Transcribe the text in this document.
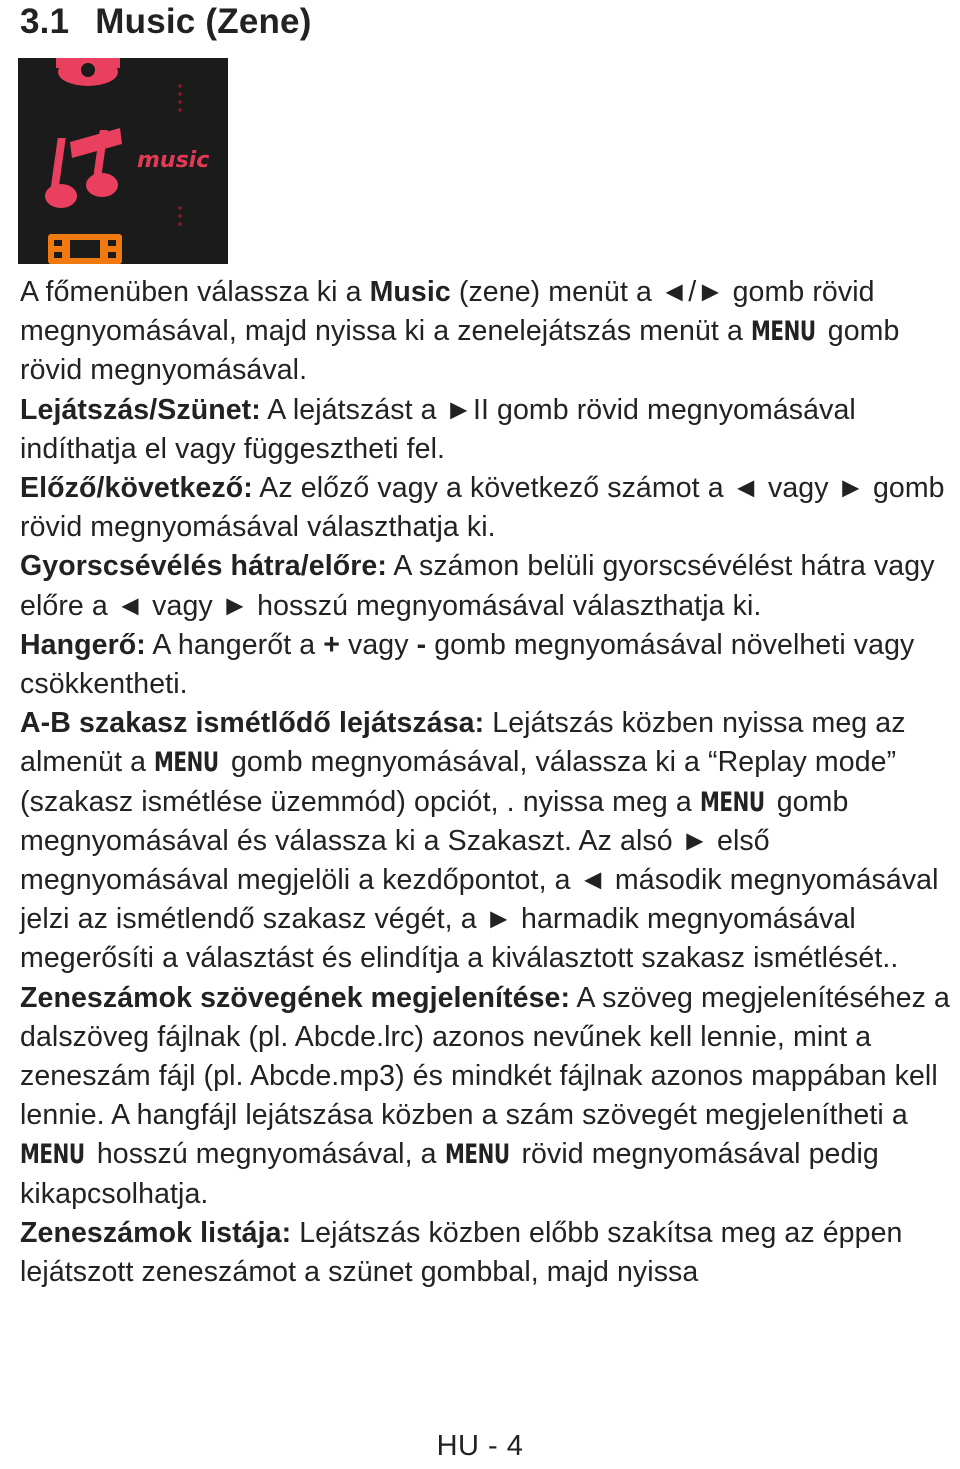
3.1 Music (Zene)
music

A főmenüben válassza ki a Music (zene) menüt a ◄/► gomb rövid megnyomásával, majd nyissa ki a zenelejátszás menüt a MENU gomb rövid megnyomásával.

Lejátszás/Szünet: A lejátszást a ►II gomb rövid megnyomásával indíthatja el vagy függesztheti fel.

Előző/következő: Az előző vagy a következő számot a ◄ vagy ► gomb rövid megnyomásával választhatja ki.

Gyorscsévélés hátra/előre: A számon belüli gyorscsévélést hátra vagy előre a ◄ vagy ► hosszú megnyomásával választhatja ki.

Hangerő: A hangerőt a + vagy - gomb megnyomásával növelheti vagy csökkentheti.

A-B szakasz ismétlődő lejátszása: Lejátszás közben nyissa meg az almenüt a MENU gomb megnyomásával, válassza ki a “Replay mode” (szakasz ismétlése üzemmód) opciót, . nyissa meg a MENU gomb megnyomásával és válassza ki a Szakaszt. Az alsó ► első megnyomásával megjelöli a kezdőpontot, a ◄ második megnyomásával jelzi az ismétlendő szakasz végét, a ► harmadik megnyomásával megerősíti a választást és elindítja a kiválasztott szakasz ismétlését..

Zeneszámok szövegének megjelenítése: A szöveg megjelenítéséhez a dalszöveg fájlnak (pl. Abcde.lrc) azonos nevűnek kell lennie, mint a zeneszám fájl (pl. Abcde.mp3) és mindkét fájlnak azonos mappában kell lennie. A hangfájl lejátszása közben a szám szövegét megjelenítheti a MENU hosszú megnyomásával, a MENU rövid megnyomásával pedig kikapcsolhatja.

Zeneszámok listája: Lejátszás közben előbb szakítsa meg az éppen lejátszott zeneszámot a szünet gombbal, majd nyissa

HU - 4
